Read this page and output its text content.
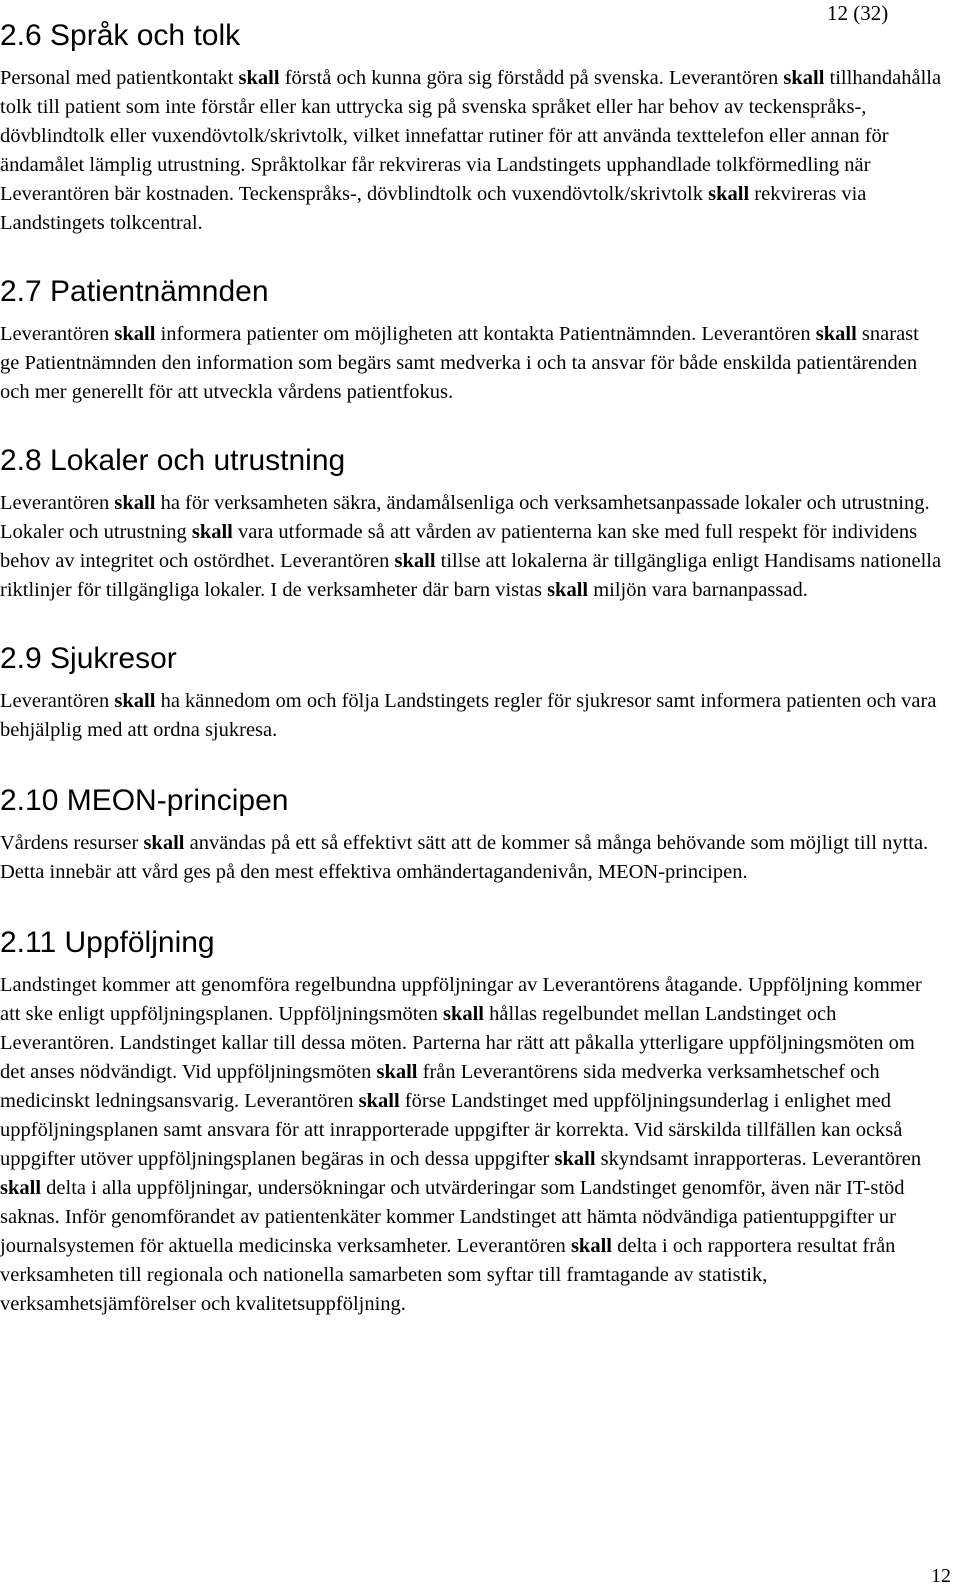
12 (32)
2.6 Språk och tolk

Personal med patientkontakt skall förstå och kunna göra sig förstådd på svenska. Leverantören skall tillhandahålla tolk till patient som inte förstår eller kan uttrycka sig på svenska språket eller har behov av teckenspråks-, dövblindtolk eller vuxendövtolk/skrivtolk, vilket innefattar rutiner för att använda texttelefon eller annan för ändamålet lämplig utrustning. Språktolkar får rekvireras via Landstingets upphandlade tolkförmedling när Leverantören bär kostnaden. Teckenspråks-, dövblindtolk och vuxendövtolk/skrivtolk skall rekvireras via Landstingets tolkcentral.

2.7 Patientnämnden

Leverantören skall informera patienter om möjligheten att kontakta Patientnämnden. Leverantören skall snarast ge Patientnämnden den information som begärs samt medverka i och ta ansvar för både enskilda patientärenden och mer generellt för att utveckla vårdens patientfokus.

2.8 Lokaler och utrustning

Leverantören skall ha för verksamheten säkra, ändamålsenliga och verksamhetsanpassade lokaler och utrustning. Lokaler och utrustning skall vara utformade så att vården av patienterna kan ske med full respekt för individens behov av integritet och ostördhet. Leverantören skall tillse att lokalerna är tillgängliga enligt Handisams nationella riktlinjer för tillgängliga lokaler. I de verksamheter där barn vistas skall miljön vara barnanpassad.

2.9 Sjukresor

Leverantören skall ha kännedom om och följa Landstingets regler för sjukresor samt informera patienten och vara behjälplig med att ordna sjukresa.

2.10 MEON-principen

Vårdens resurser skall användas på ett så effektivt sätt att de kommer så många behövande som möjligt till nytta. Detta innebär att vård ges på den mest effektiva omhändertagandenivån, MEON-principen.

2.11 Uppföljning

Landstinget kommer att genomföra regelbundna uppföljningar av Leverantörens åtagande. Uppföljning kommer att ske enligt uppföljningsplanen. Uppföljningsmöten skall hållas regelbundet mellan Landstinget och Leverantören. Landstinget kallar till dessa möten. Parterna har rätt att påkalla ytterligare uppföljningsmöten om det anses nödvändigt. Vid uppföljningsmöten skall från Leverantörens sida medverka verksamhetschef och medicinskt ledningsansvarig. Leverantören skall förse Landstinget med uppföljningsunderlag i enlighet med uppföljningsplanen samt ansvara för att inrapporterade uppgifter är korrekta. Vid särskilda tillfällen kan också uppgifter utöver uppföljningsplanen begäras in och dessa uppgifter skall skyndsamt inrapporteras. Leverantören skall delta i alla uppföljningar, undersökningar och utvärderingar som Landstinget genomför, även när IT-stöd saknas. Inför genomförandet av patientenkäter kommer Landstinget att hämta nödvändiga patientuppgifter ur journalsystemen för aktuella medicinska verksamheter. Leverantören skall delta i och rapportera resultat från verksamheten till regionala och nationella samarbeten som syftar till framtagande av statistik, verksamhetsjämförelser och kvalitetsuppföljning.

12
